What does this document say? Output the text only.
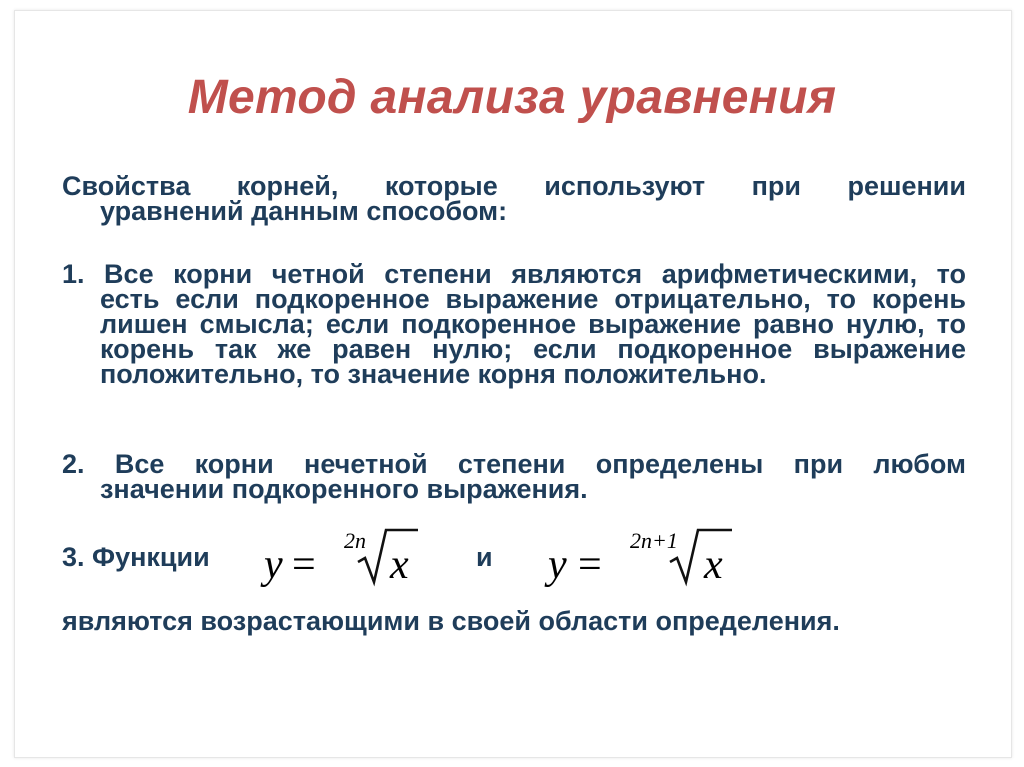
Метод анализа уравнения
Свойства корней, которые используют при решении
уравнений данным способом:
1. Все корни четной степени являются арифметическими, то
есть если подкоренное выражение отрицательно, то корень лишен смысла; если подкоренное выражение равно нулю, то корень так же равен нулю; если подкоренное выражение положительно, то значение корня положительно.
2. Все корни нечетной степени определены при любом
значении подкоренного выражения.
3. Функции y =
2n
x и y =
2n+1
x
являются возрастающими в своей области определения.
